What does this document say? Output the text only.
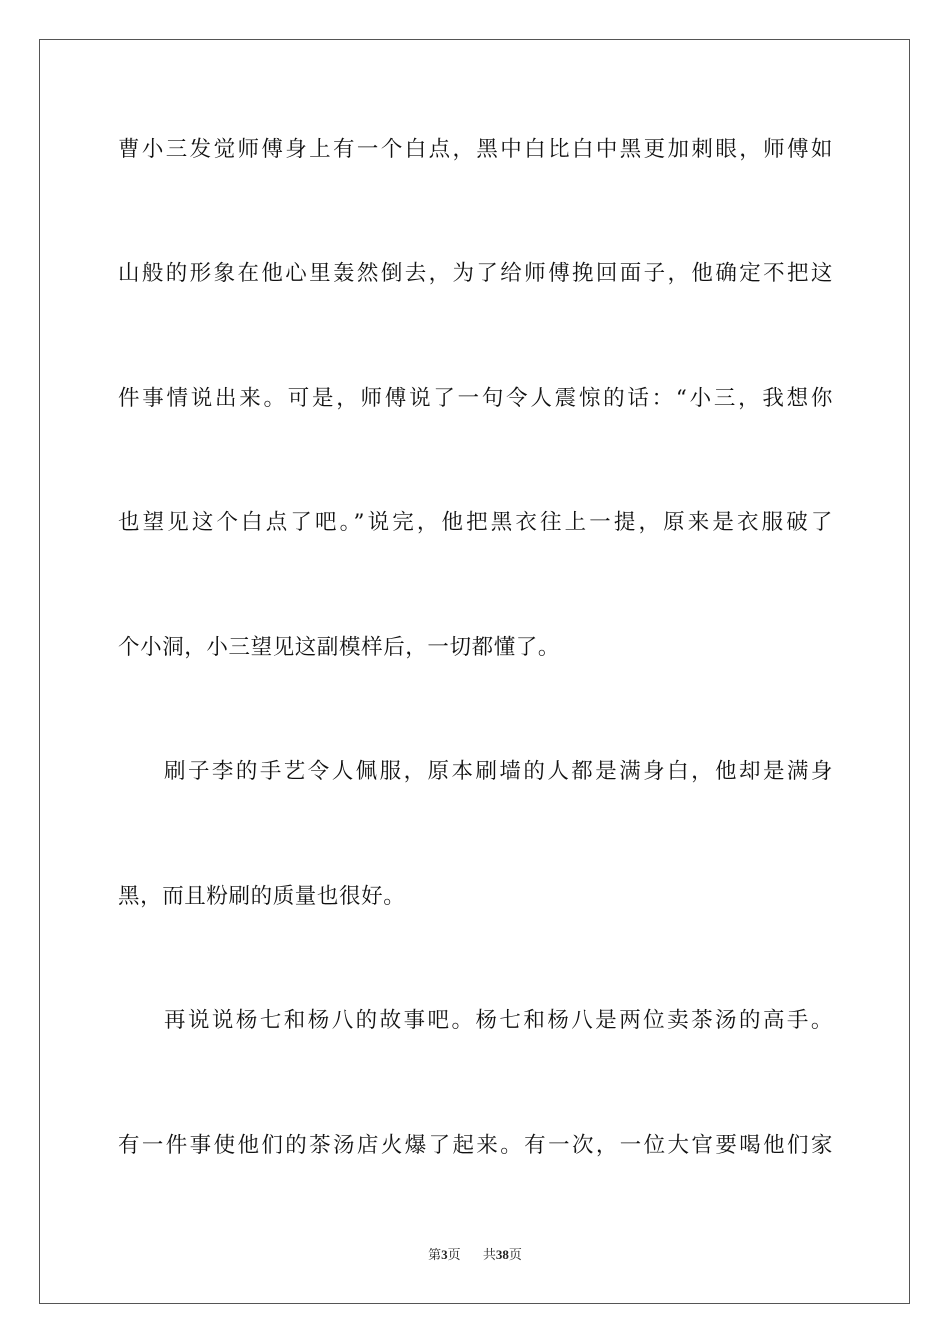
曹小三发觉师傅身上有一个白点，黑中白比白中黑更加刺眼，师傅如
山般的形象在他心里轰然倒去，为了给师傅挽回面子，他确定不把这
件事情说出来。可是，师傅说了一句令人震惊的话：“小三，我想你
也望见这个白点了吧。”说完，他把黑衣往上一提，原来是衣服破了
个小洞，小三望见这副模样后，一切都懂了。
刷子李的手艺令人佩服，原本刷墙的人都是满身白，他却是满身
黑，而且粉刷的质量也很好。
再说说杨七和杨八的故事吧。杨七和杨八是两位卖茶汤的高手。
有一件事使他们的茶汤店火爆了起来。有一次，一位大官要喝他们家
第3页 共38页
